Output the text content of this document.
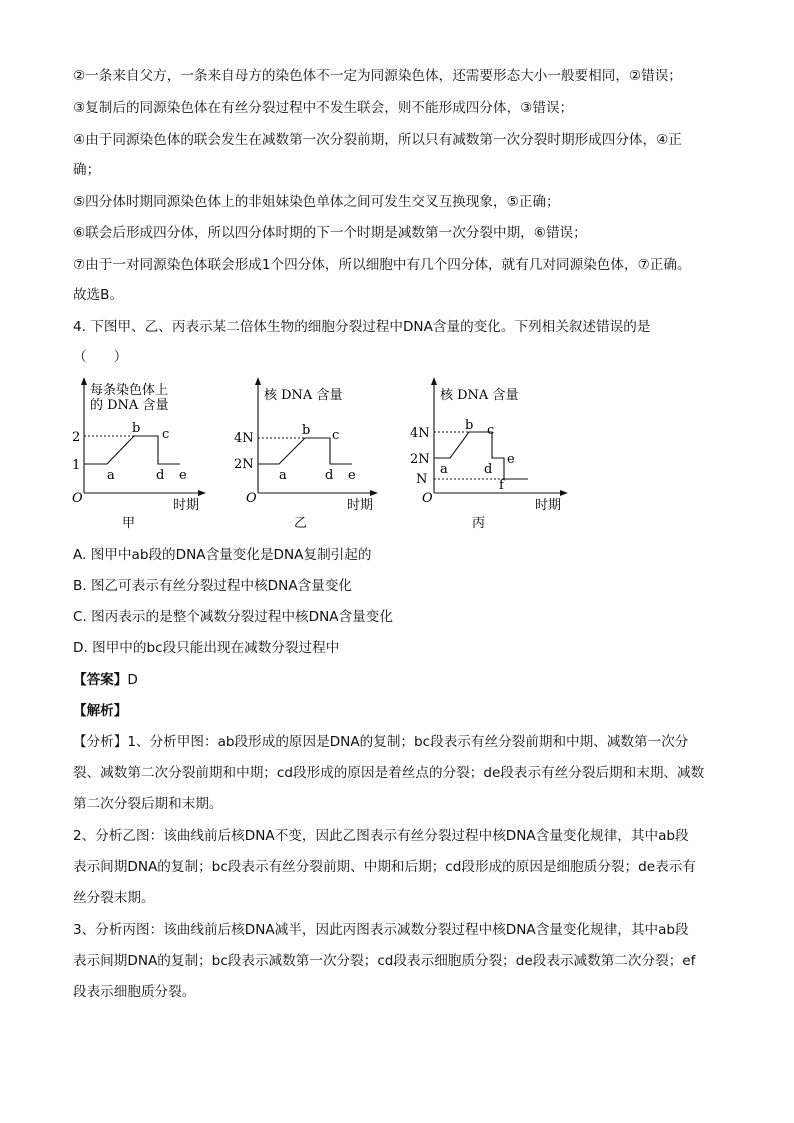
②一条来自父方，一条来自母方的染色体不一定为同源染色体，还需要形态大小一般要相同，②错误；
③复制后的同源染色体在有丝分裂过程中不发生联会，则不能形成四分体，③错误；
④由于同源染色体的联会发生在减数第一次分裂前期，所以只有减数第一次分裂时期形成四分体，④正
确；
⑤四分体时期同源染色体上的非姐妹染色单体之间可发生交叉互换现象，⑤正确；
⑥联会后形成四分体，所以四分体时期的下一个时期是减数第一次分裂中期，⑥错误；
⑦由于一对同源染色体联会形成1个四分体，所以细胞中有几个四分体，就有几对同源染色体，⑦正确。
故选B。
4. 下图甲、乙、丙表示某二倍体生物的细胞分裂过程中DNA含量的变化。下列相关叙述错误的是
（　　）
每条染色体上
的 DNA 含量
2
1
O
a
b c
d e
时期
甲
核 DNA 含量
4N
2N
O
a
b c
d e
时期
乙
核 DNA 含量
4N
2N
N
O
a
b c
d
e
f
时期
丙
A. 图甲中ab段的DNA含量变化是DNA复制引起的
B. 图乙可表示有丝分裂过程中核DNA含量变化
C. 图丙表示的是整个减数分裂过程中核DNA含量变化
D. 图甲中的bc段只能出现在减数分裂过程中
【答案】D
【解析】
【分析】1、分析甲图：ab段形成的原因是DNA的复制；bc段表示有丝分裂前期和中期、减数第一次分
裂、减数第二次分裂前期和中期；cd段形成的原因是着丝点的分裂；de段表示有丝分裂后期和末期、减数
第二次分裂后期和末期。
2、分析乙图：该曲线前后核DNA不变，因此乙图表示有丝分裂过程中核DNA含量变化规律，其中ab段
表示间期DNA的复制；bc段表示有丝分裂前期、中期和后期；cd段形成的原因是细胞质分裂；de表示有
丝分裂末期。
3、分析丙图：该曲线前后核DNA减半，因此丙图表示减数分裂过程中核DNA含量变化规律，其中ab段
表示间期DNA的复制；bc段表示减数第一次分裂；cd段表示细胞质分裂；de段表示减数第二次分裂；ef
段表示细胞质分裂。
